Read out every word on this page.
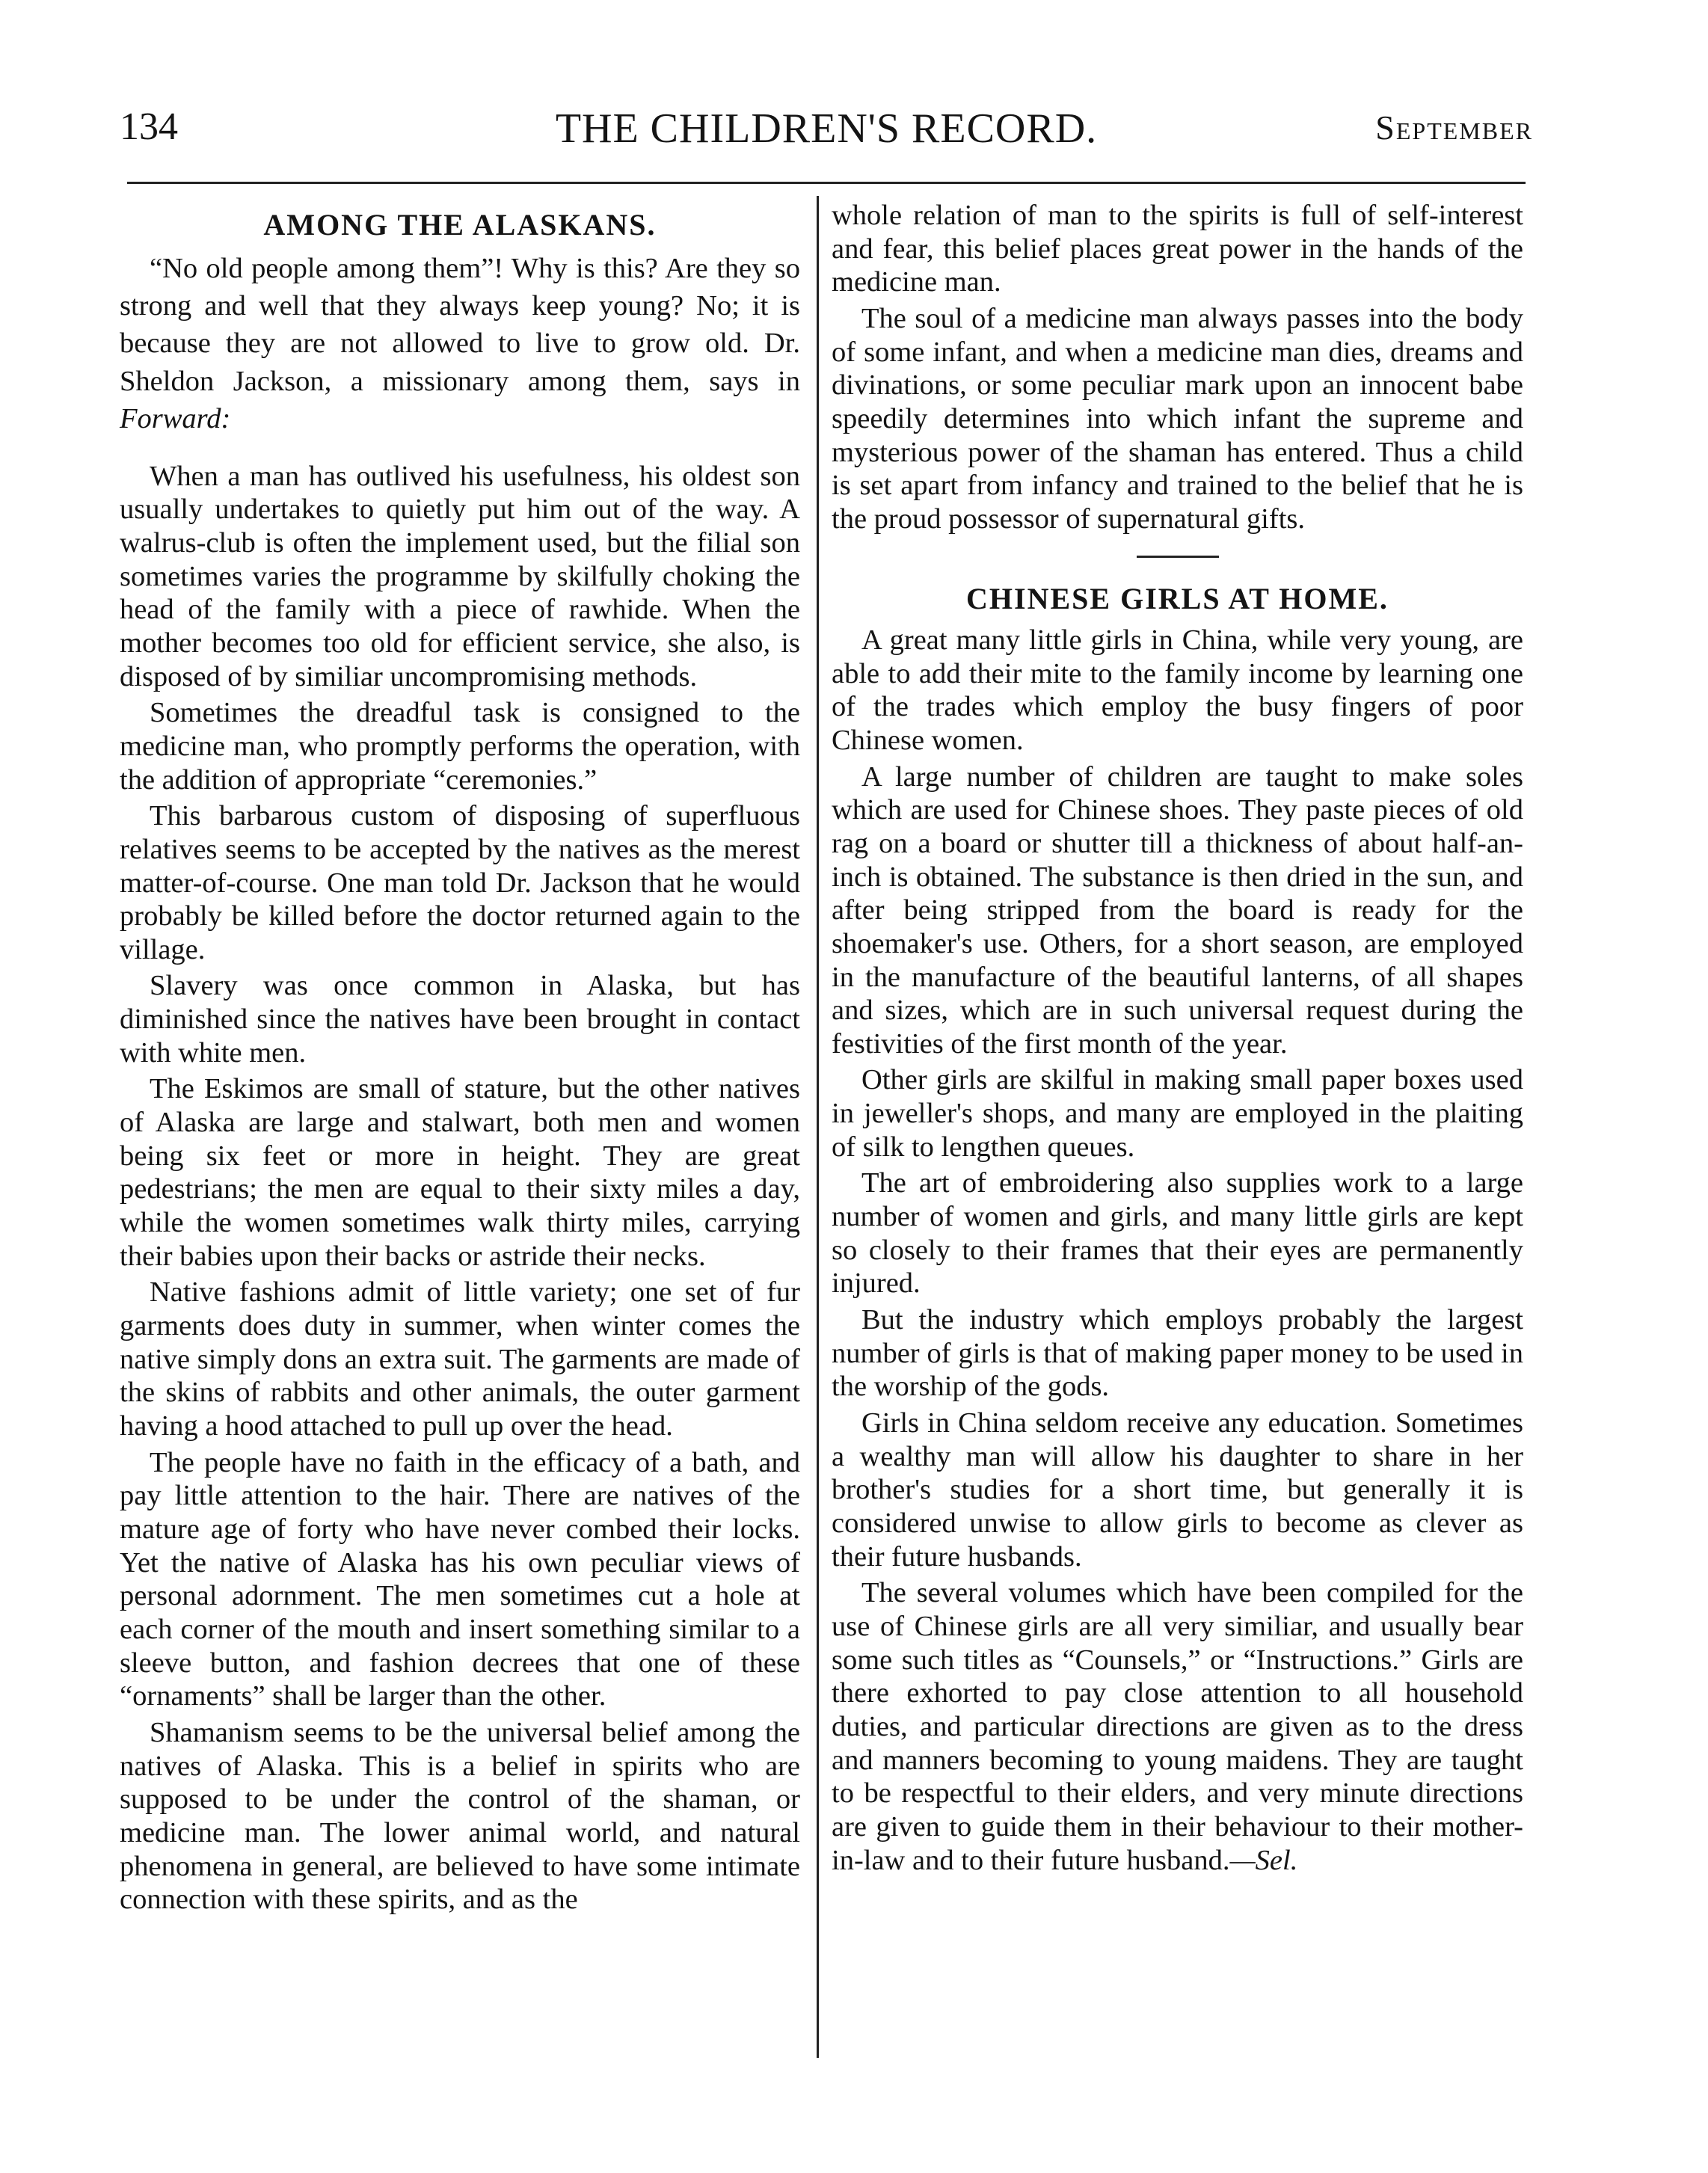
134	THE CHILDREN'S RECORD.	September
AMONG THE ALASKANS.

“No old people among them”! Why is this? Are they so strong and well that they always keep young? No; it is because they are not allowed to live to grow old. Dr. Sheldon Jackson, a missionary among them, says in Forward:

When a man has outlived his usefulness, his oldest son usually undertakes to quietly put him out of the way. A walrus-club is often the implement used, but the filial son sometimes varies the programme by skilfully choking the head of the family with a piece of rawhide. When the mother becomes too old for efficient service, she also, is disposed of by similiar uncompromising methods.

Sometimes the dreadful task is consigned to the medicine man, who promptly performs the operation, with the addition of appropriate “ceremonies.”

This barbarous custom of disposing of superfluous relatives seems to be accepted by the natives as the merest matter-of-course. One man told Dr. Jackson that he would probably be killed before the doctor returned again to the village.

Slavery was once common in Alaska, but has diminished since the natives have been brought in contact with white men.

The Eskimos are small of stature, but the other natives of Alaska are large and stalwart, both men and women being six feet or more in height. They are great pedestrians; the men are equal to their sixty miles a day, while the women sometimes walk thirty miles, carrying their babies upon their backs or astride their necks.

Native fashions admit of little variety; one set of fur garments does duty in summer, when winter comes the native simply dons an extra suit. The garments are made of the skins of rabbits and other animals, the outer garment having a hood attached to pull up over the head.

The people have no faith in the efficacy of a bath, and pay little attention to the hair. There are natives of the mature age of forty who have never combed their locks. Yet the native of Alaska has his own peculiar views of personal adornment. The men sometimes cut a hole at each corner of the mouth and insert something similar to a sleeve button, and fashion decrees that one of these “ornaments” shall be larger than the other.

Shamanism seems to be the universal belief among the natives of Alaska. This is a belief in spirits who are supposed to be under the control of the shaman, or medicine man. The lower animal world, and natural phenomena in general, are believed to have some intimate connection with these spirits, and as the

whole relation of man to the spirits is full of self-interest and fear, this belief places great power in the hands of the medicine man.

The soul of a medicine man always passes into the body of some infant, and when a medicine man dies, dreams and divinations, or some peculiar mark upon an innocent babe speedily determines into which infant the supreme and mysterious power of the shaman has entered. Thus a child is set apart from infancy and trained to the belief that he is the proud possessor of supernatural gifts.

CHINESE GIRLS AT HOME.

A great many little girls in China, while very young, are able to add their mite to the family income by learning one of the trades which employ the busy fingers of poor Chinese women.

A large number of children are taught to make soles which are used for Chinese shoes. They paste pieces of old rag on a board or shutter till a thickness of about half-an-inch is obtained. The substance is then dried in the sun, and after being stripped from the board is ready for the shoemaker's use. Others, for a short season, are employed in the manufacture of the beautiful lanterns, of all shapes and sizes, which are in such universal request during the festivities of the first month of the year.

Other girls are skilful in making small paper boxes used in jeweller's shops, and many are employed in the plaiting of silk to lengthen queues.

The art of embroidering also supplies work to a large number of women and girls, and many little girls are kept so closely to their frames that their eyes are permanently injured.

But the industry which employs probably the largest number of girls is that of making paper money to be used in the worship of the gods.

Girls in China seldom receive any education. Sometimes a wealthy man will allow his daughter to share in her brother's studies for a short time, but generally it is considered unwise to allow girls to become as clever as their future husbands.

The several volumes which have been compiled for the use of Chinese girls are all very similiar, and usually bear some such titles as “Counsels,” or “Instructions.” Girls are there exhorted to pay close attention to all household duties, and particular directions are given as to the dress and manners becoming to young maidens. They are taught to be respectful to their elders, and very minute directions are given to guide them in their behaviour to their mother-in-law and to their future husband.—Sel.
